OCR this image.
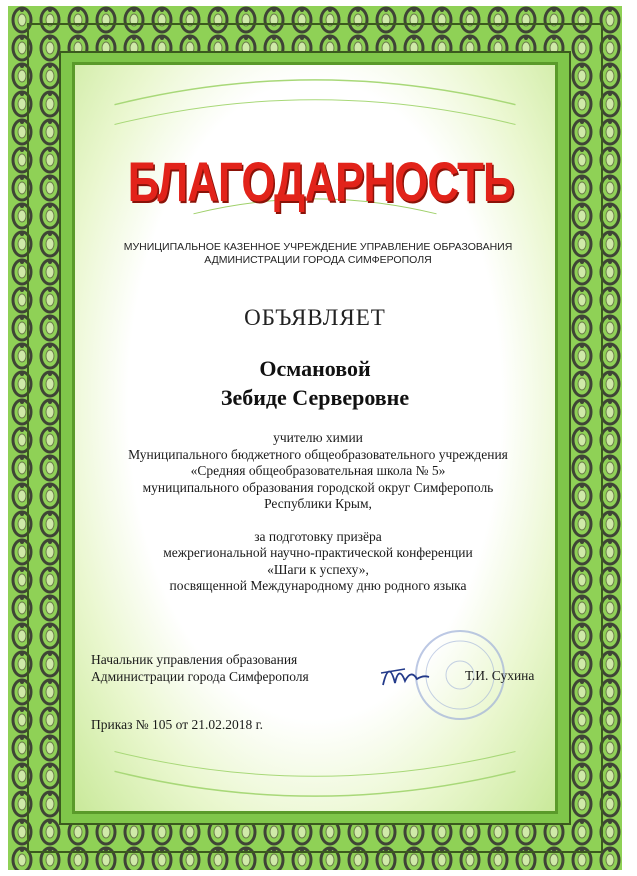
БЛАГОДАРНОСТЬ
МУНИЦИПАЛЬНОЕ КАЗЕННОЕ УЧРЕЖДЕНИЕ УПРАВЛЕНИЕ ОБРАЗОВАНИЯ
АДМИНИСТРАЦИИ ГОРОДА СИМФЕРОПОЛЯ
ОБЪЯВЛЯЕТ
Османовой
Зебиде Серверовне
учителю химии
Муниципального бюджетного общеобразовательного учреждения
«Средняя общеобразовательная школа № 5»
муниципального образования городской округ Симферополь
Республики Крым,
за подготовку призёра
межрегиональной научно-практической конференции
«Шаги к успеху»,
посвященной Международному дню родного языка
Начальник управления образования
Администрации города Симферополя	Т.И. Сухина
Приказ № 105 от 21.02.2018 г.
